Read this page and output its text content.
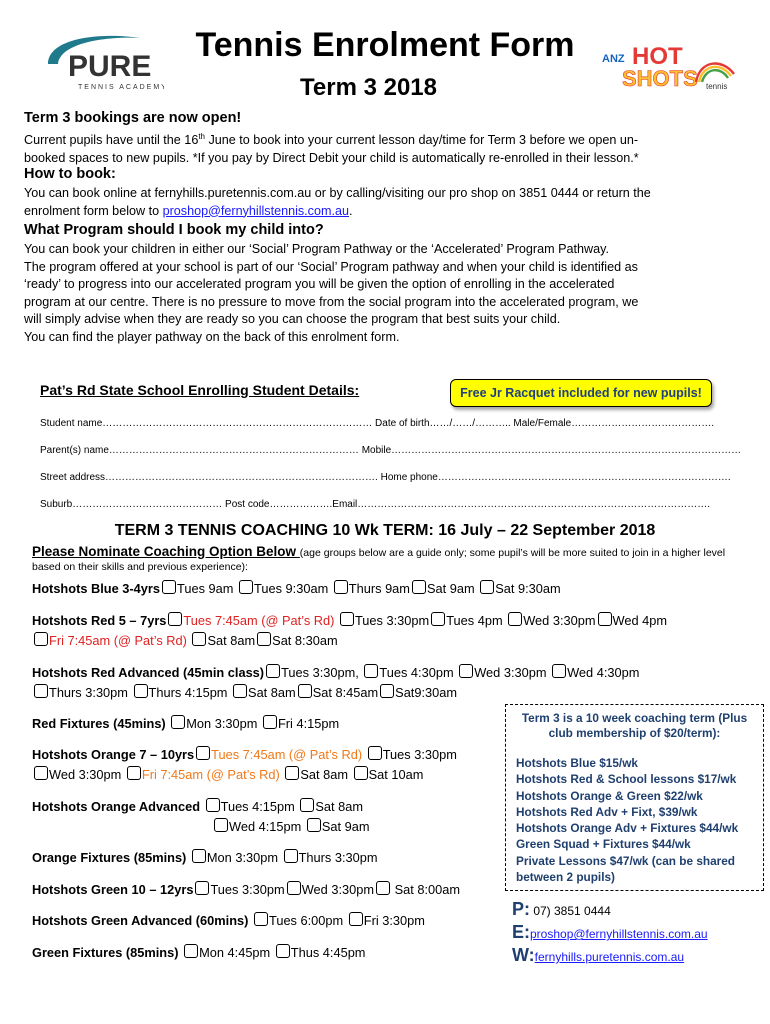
PURE
TENNIS ACADEMY
ANZ HOT
SHOTS tennis
Tennis Enrolment Form
Term 3 2018
Term 3 bookings are now open!
Current pupils have until the 16th June to book into your current lesson day/time for Term 3 before we open un-
booked spaces to new pupils. *If you pay by Direct Debit your child is automatically re-enrolled in their lesson.*
How to book:
You can book online at fernyhills.puretennis.com.au or by calling/visiting our pro shop on 3851 0444 or return the
enrolment form below to proshop@fernyhillstennis.com.au.
What Program should I book my child into?
You can book your children in either our ‘Social’ Program Pathway or the ‘Accelerated’ Program Pathway.
The program offered at your school is part of our ‘Social’ Program pathway and when your child is identified as
‘ready’ to progress into our accelerated program you will be given the option of enrolling in the accelerated
program at our centre. There is no pressure to move from the social program into the accelerated program, we
will simply advise when they are ready so you can choose the program that best suits your child.
You can find the player pathway on the back of this enrolment form.
Pat’s Rd State School Enrolling Student Details:	Free Jr Racquet included for new pupils!
Student name……………………………………………………………………… Date of birth……/……/……….. Male/Female…………………………………….
Parent(s) name………………………………………………………………… Mobile……………………………………………………………………………………………
Street address………………………………………………………………………. Home phone…………………………………………………………………………….
Suburb……………………………………… Post code……………….Email…………………………………………………………………………………………….
TERM 3 TENNIS COACHING 10 Wk TERM: 16 July – 22 September 2018
Please Nominate Coaching Option Below (age groups below are a guide only; some pupil’s will be more suited to join in a higher level based on their skills and previous experience):
Hotshots Blue 3-4yrs Tues 9am Tues 9:30am Thurs 9am Sat 9am Sat 9:30am
Hotshots Red 5 – 7yrs Tues 7:45am (@ Pat’s Rd) Tues 3:30pm Tues 4pm Wed 3:30pm Wed 4pm
Fri 7:45am (@ Pat’s Rd) Sat 8am Sat 8:30am
Hotshots Red Advanced (45min class) Tues 3:30pm, Tues 4:30pm Wed 3:30pm Wed 4:30pm
Thurs 3:30pm Thurs 4:15pm Sat 8am Sat 8:45am Sat9:30am
Red Fixtures (45mins) Mon 3:30pm Fri 4:15pm
Hotshots Orange 7 – 10yrs Tues 7:45am (@ Pat’s Rd) Tues 3:30pm
Wed 3:30pm Fri 7:45am (@ Pat’s Rd) Sat 8am Sat 10am
Hotshots Orange Advanced Tues 4:15pm Sat 8am
Wed 4:15pm Sat 9am
Orange Fixtures (85mins) Mon 3:30pm Thurs 3:30pm
Hotshots Green 10 – 12yrs Tues 3:30pm Wed 3:30pm Sat 8:00am
Hotshots Green Advanced (60mins) Tues 6:00pm Fri 3:30pm
Green Fixtures (85mins) Mon 4:45pm Thus 4:45pm
Term 3 is a 10 week coaching term (Plus
club membership of $20/term):
Hotshots Blue $15/wk
Hotshots Red & School lessons $17/wk
Hotshots Orange & Green $22/wk
Hotshots Red Adv + Fixt, $39/wk
Hotshots Orange Adv + Fixtures $44/wk
Green Squad + Fixtures $44/wk
Private Lessons $47/wk (can be shared
between 2 pupils)
P: 07) 3851 0444
E:proshop@fernyhillstennis.com.au
W:fernyhills.puretennis.com.au
